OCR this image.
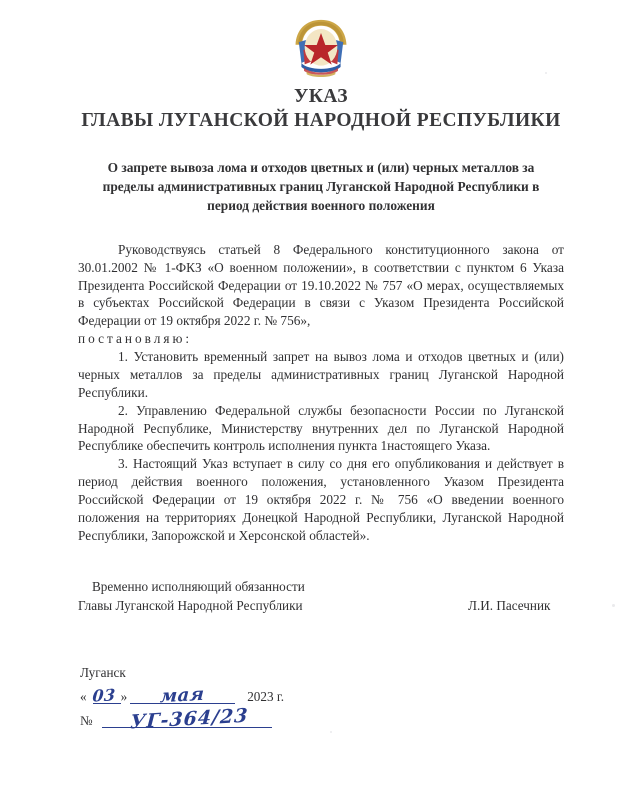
УКАЗ
ГЛАВЫ ЛУГАНСКОЙ НАРОДНОЙ РЕСПУБЛИКИ
О запрете вывоза лома и отходов цветных и (или) черных металлов за пределы административных границ Луганской Народной Республики в период действия военного положения

Руководствуясь статьей 8 Федерального конституционного закона от 30.01.2002 № 1-ФКЗ «О военном положении», в соответствии с пунктом 6 Указа Президента Российской Федерации от 19.10.2022 № 757 «О мерах, осуществляемых в субъектах Российской Федерации в связи с Указом Президента Российской Федерации от 19 октября 2022 г. № 756»,

постановляю:

1. Установить временный запрет на вывоз лома и отходов цветных и (или) черных металлов за пределы административных границ Луганской Народной Республики.

2. Управлению Федеральной службы безопасности России по Луганской Народной Республике, Министерству внутренних дел по Луганской Народной Республике обеспечить контроль исполнения пункта 1настоящего Указа.

3. Настоящий Указ вступает в силу со дня его опубликования и действует в период действия военного положения, установленного Указом Президента Российской Федерации от 19 октября 2022 г. № 756 «О введении военного положения на территориях Донецкой Народной Республики, Луганской Народной Республики, Запорожской и Херсонской областей».

Временно исполняющий обязанности
Главы Луганской Народной Республики	Л.И. Пасечник
Луганск
« 03 »	мая	2023 г.
№	УГ-364/23
